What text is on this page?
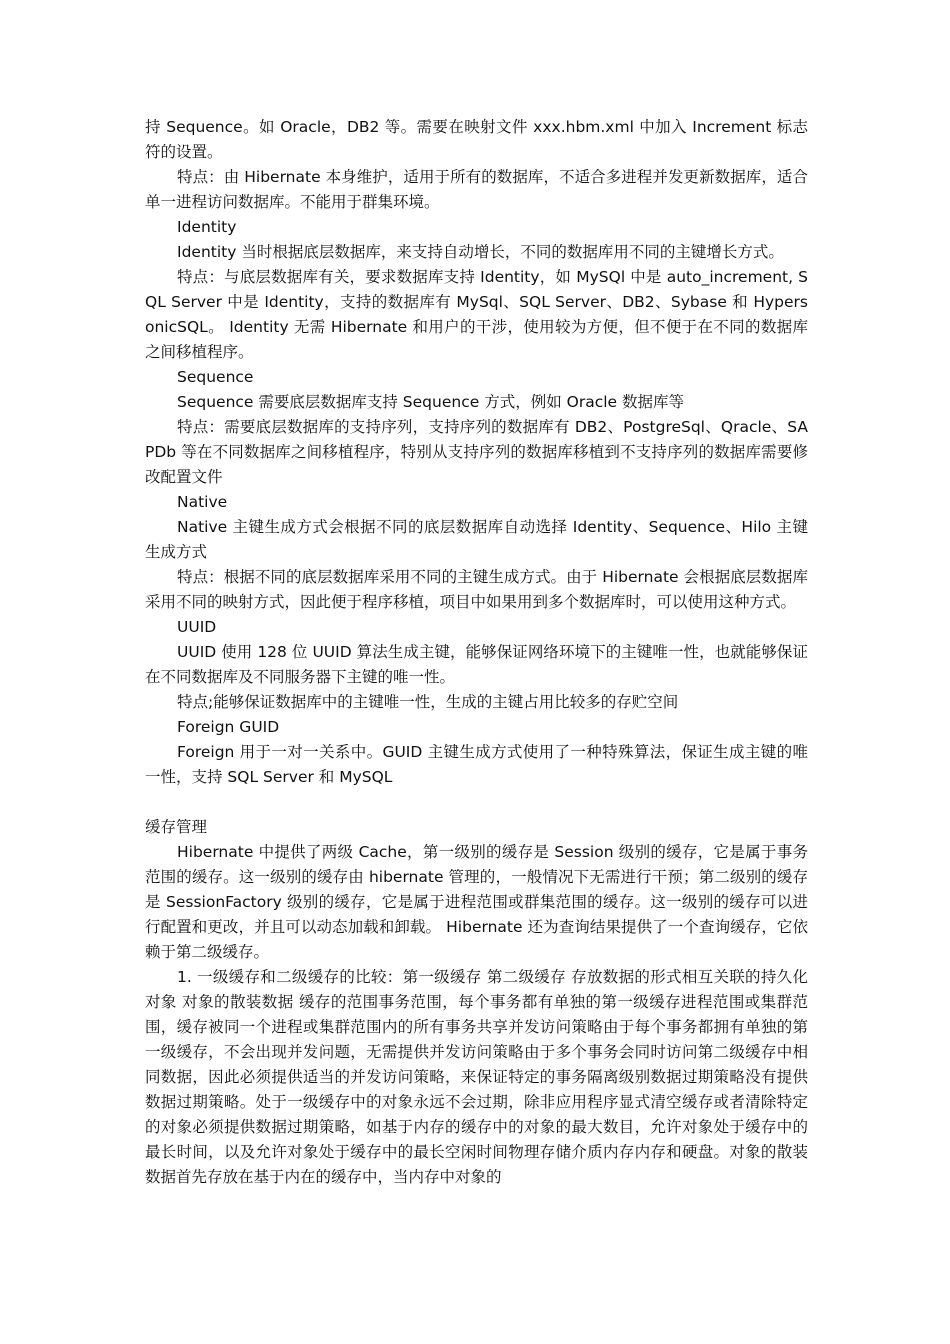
持 Sequence。如 Oracle，DB2 等。需要在映射文件 xxx.hbm.xml 中加入 Increment 标志符的设置。

特点：由 Hibernate 本身维护，适用于所有的数据库，不适合多进程并发更新数据库，适合单一进程访问数据库。不能用于群集环境。

Identity

Identity 当时根据底层数据库，来支持自动增长，不同的数据库用不同的主键增长方式。

特点：与底层数据库有关，要求数据库支持 Identity，如 MySQl 中是 auto_increment, SQL Server 中是 Identity，支持的数据库有 MySql、SQL Server、DB2、Sybase 和 HypersonicSQL。 Identity 无需 Hibernate 和用户的干涉，使用较为方便，但不便于在不同的数据库之间移植程序。

Sequence

Sequence 需要底层数据库支持 Sequence 方式，例如 Oracle 数据库等

特点：需要底层数据库的支持序列，支持序列的数据库有 DB2、PostgreSql、Qracle、SAPDb 等在不同数据库之间移植程序，特别从支持序列的数据库移植到不支持序列的数据库需要修改配置文件

Native

Native 主键生成方式会根据不同的底层数据库自动选择 Identity、Sequence、Hilo 主键生成方式

特点：根据不同的底层数据库采用不同的主键生成方式。由于 Hibernate 会根据底层数据库采用不同的映射方式，因此便于程序移植，项目中如果用到多个数据库时，可以使用这种方式。

UUID

UUID 使用 128 位 UUID 算法生成主键，能够保证网络环境下的主键唯一性，也就能够保证在不同数据库及不同服务器下主键的唯一性。

特点;能够保证数据库中的主键唯一性，生成的主键占用比较多的存贮空间

Foreign GUID

Foreign 用于一对一关系中。GUID 主键生成方式使用了一种特殊算法，保证生成主键的唯一性，支持 SQL Server 和 MySQL

缓存管理

Hibernate 中提供了两级 Cache，第一级别的缓存是 Session 级别的缓存，它是属于事务范围的缓存。这一级别的缓存由 hibernate 管理的，一般情况下无需进行干预；第二级别的缓存是 SessionFactory 级别的缓存，它是属于进程范围或群集范围的缓存。这一级别的缓存可以进行配置和更改，并且可以动态加载和卸载。 Hibernate 还为查询结果提供了一个查询缓存，它依赖于第二级缓存。

1. 一级缓存和二级缓存的比较：第一级缓存 第二级缓存 存放数据的形式相互关联的持久化对象 对象的散装数据 缓存的范围事务范围，每个事务都有单独的第一级缓存进程范围或集群范围，缓存被同一个进程或集群范围内的所有事务共享并发访问策略由于每个事务都拥有单独的第一级缓存，不会出现并发问题，无需提供并发访问策略由于多个事务会同时访问第二级缓存中相同数据，因此必须提供适当的并发访问策略，来保证特定的事务隔离级别数据过期策略没有提供数据过期策略。处于一级缓存中的对象永远不会过期，除非应用程序显式清空缓存或者清除特定的对象必须提供数据过期策略，如基于内存的缓存中的对象的最大数目，允许对象处于缓存中的最长时间，以及允许对象处于缓存中的最长空闲时间物理存储介质内存内存和硬盘。对象的散装数据首先存放在基于内在的缓存中，当内存中对象的
